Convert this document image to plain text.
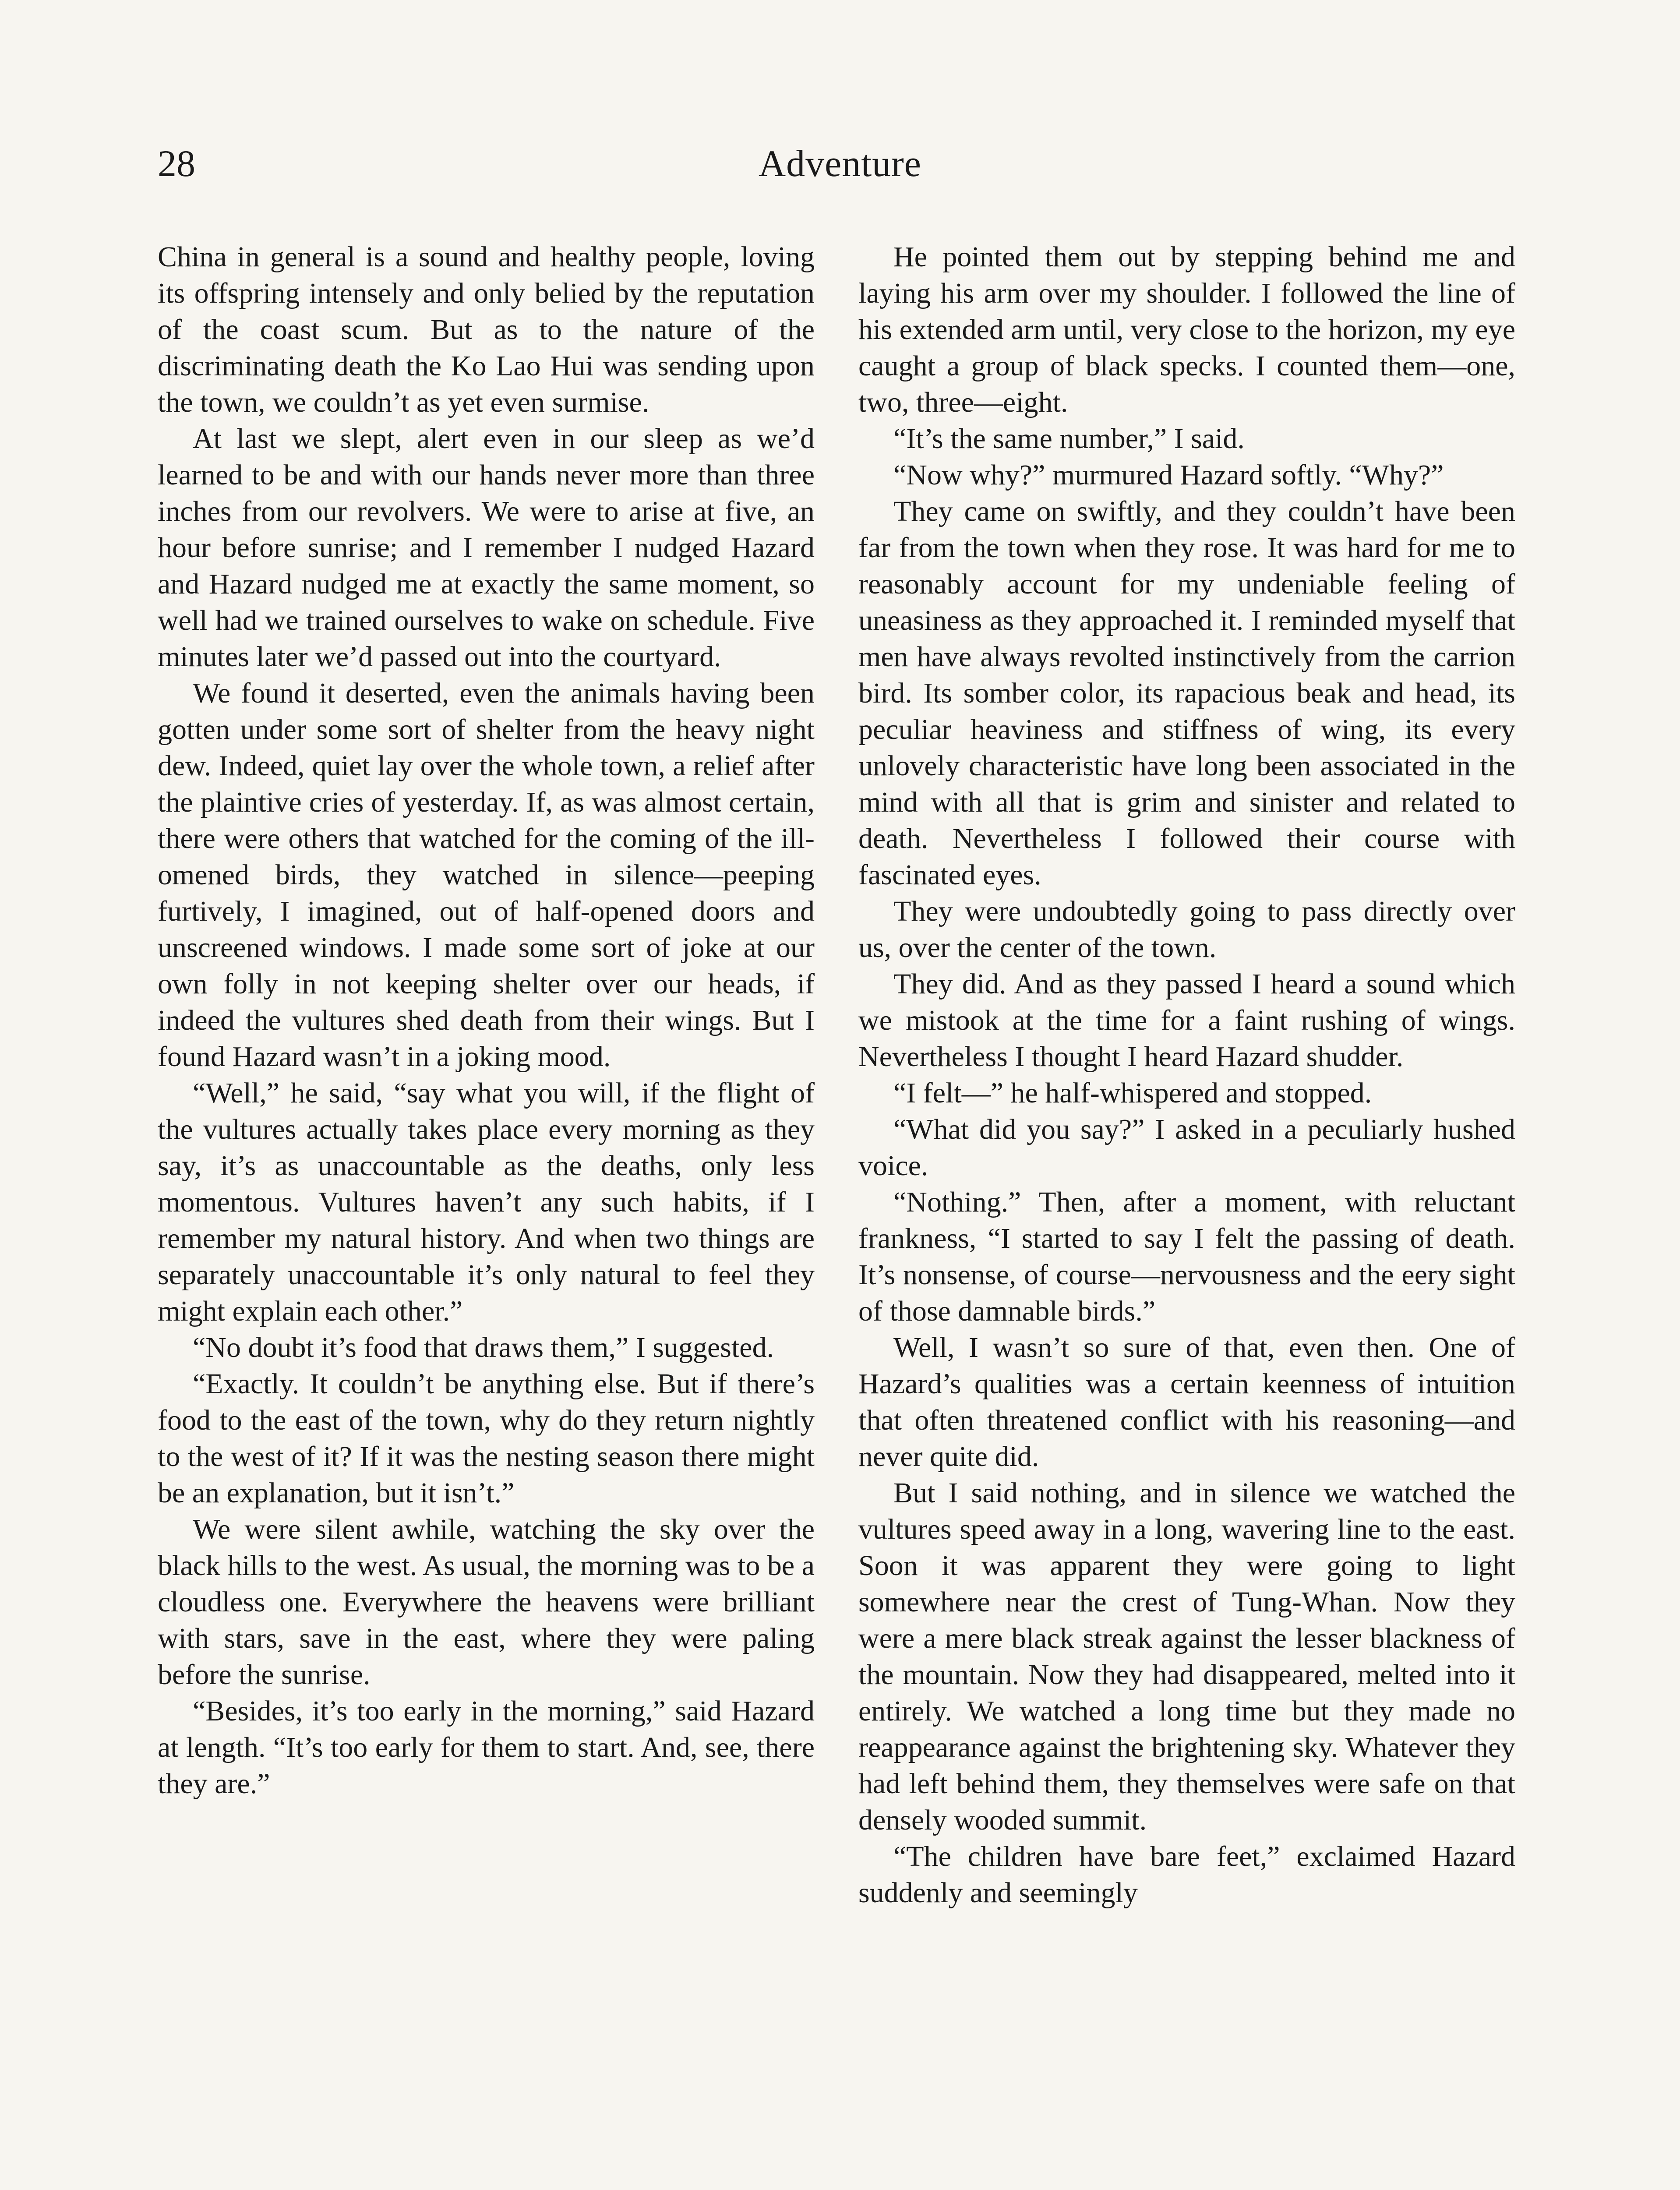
28	Adventure

China in general is a sound and healthy people, loving its offspring intensely and only belied by the reputation of the coast scum. But as to the nature of the discriminating death the Ko Lao Hui was sending upon the town, we couldn’t as yet even surmise.

At last we slept, alert even in our sleep as we’d learned to be and with our hands never more than three inches from our revolvers. We were to arise at five, an hour before sunrise; and I remember I nudged Hazard and Hazard nudged me at exactly the same moment, so well had we trained ourselves to wake on schedule. Five minutes later we’d passed out into the courtyard.

We found it deserted, even the animals having been gotten under some sort of shelter from the heavy night dew. Indeed, quiet lay over the whole town, a relief after the plaintive cries of yesterday. If, as was almost certain, there were others that watched for the coming of the ill-omened birds, they watched in silence—peeping furtively, I imagined, out of half-opened doors and unscreened windows. I made some sort of joke at our own folly in not keeping shelter over our heads, if indeed the vultures shed death from their wings. But I found Hazard wasn’t in a joking mood.

“Well,” he said, “say what you will, if the flight of the vultures actually takes place every morning as they say, it’s as unaccountable as the deaths, only less momentous. Vultures haven’t any such habits, if I remember my natural history. And when two things are separately unaccountable it’s only natural to feel they might explain each other.”

“No doubt it’s food that draws them,” I suggested.

“Exactly. It couldn’t be anything else. But if there’s food to the east of the town, why do they return nightly to the west of it? If it was the nesting season there might be an explanation, but it isn’t.”

We were silent awhile, watching the sky over the black hills to the west. As usual, the morning was to be a cloudless one. Everywhere the heavens were brilliant with stars, save in the east, where they were paling before the sunrise.

“Besides, it’s too early in the morning,” said Hazard at length. “It’s too early for them to start. And, see, there they are.”

He pointed them out by stepping behind me and laying his arm over my shoulder. I followed the line of his extended arm until, very close to the horizon, my eye caught a group of black specks. I counted them—one, two, three—eight.

“It’s the same number,” I said.

“Now why?” murmured Hazard softly. “Why?”

They came on swiftly, and they couldn’t have been far from the town when they rose. It was hard for me to reasonably account for my undeniable feeling of uneasiness as they approached it. I reminded myself that men have always revolted instinctively from the carrion bird. Its somber color, its rapacious beak and head, its peculiar heaviness and stiffness of wing, its every unlovely characteristic have long been associated in the mind with all that is grim and sinister and related to death. Nevertheless I followed their course with fascinated eyes.

They were undoubtedly going to pass directly over us, over the center of the town.

They did. And as they passed I heard a sound which we mistook at the time for a faint rushing of wings. Nevertheless I thought I heard Hazard shudder.

“I felt—” he half-whispered and stopped.

“What did you say?” I asked in a peculiarly hushed voice.

“Nothing.” Then, after a moment, with reluctant frankness, “I started to say I felt the passing of death. It’s nonsense, of course—nervousness and the eery sight of those damnable birds.”

Well, I wasn’t so sure of that, even then. One of Hazard’s qualities was a certain keenness of intuition that often threatened conflict with his reasoning—and never quite did.

But I said nothing, and in silence we watched the vultures speed away in a long, wavering line to the east. Soon it was apparent they were going to light somewhere near the crest of Tung-Whan. Now they were a mere black streak against the lesser blackness of the mountain. Now they had disappeared, melted into it entirely. We watched a long time but they made no reappearance against the brightening sky. Whatever they had left behind them, they themselves were safe on that densely wooded summit.

“The children have bare feet,” exclaimed Hazard suddenly and seemingly
